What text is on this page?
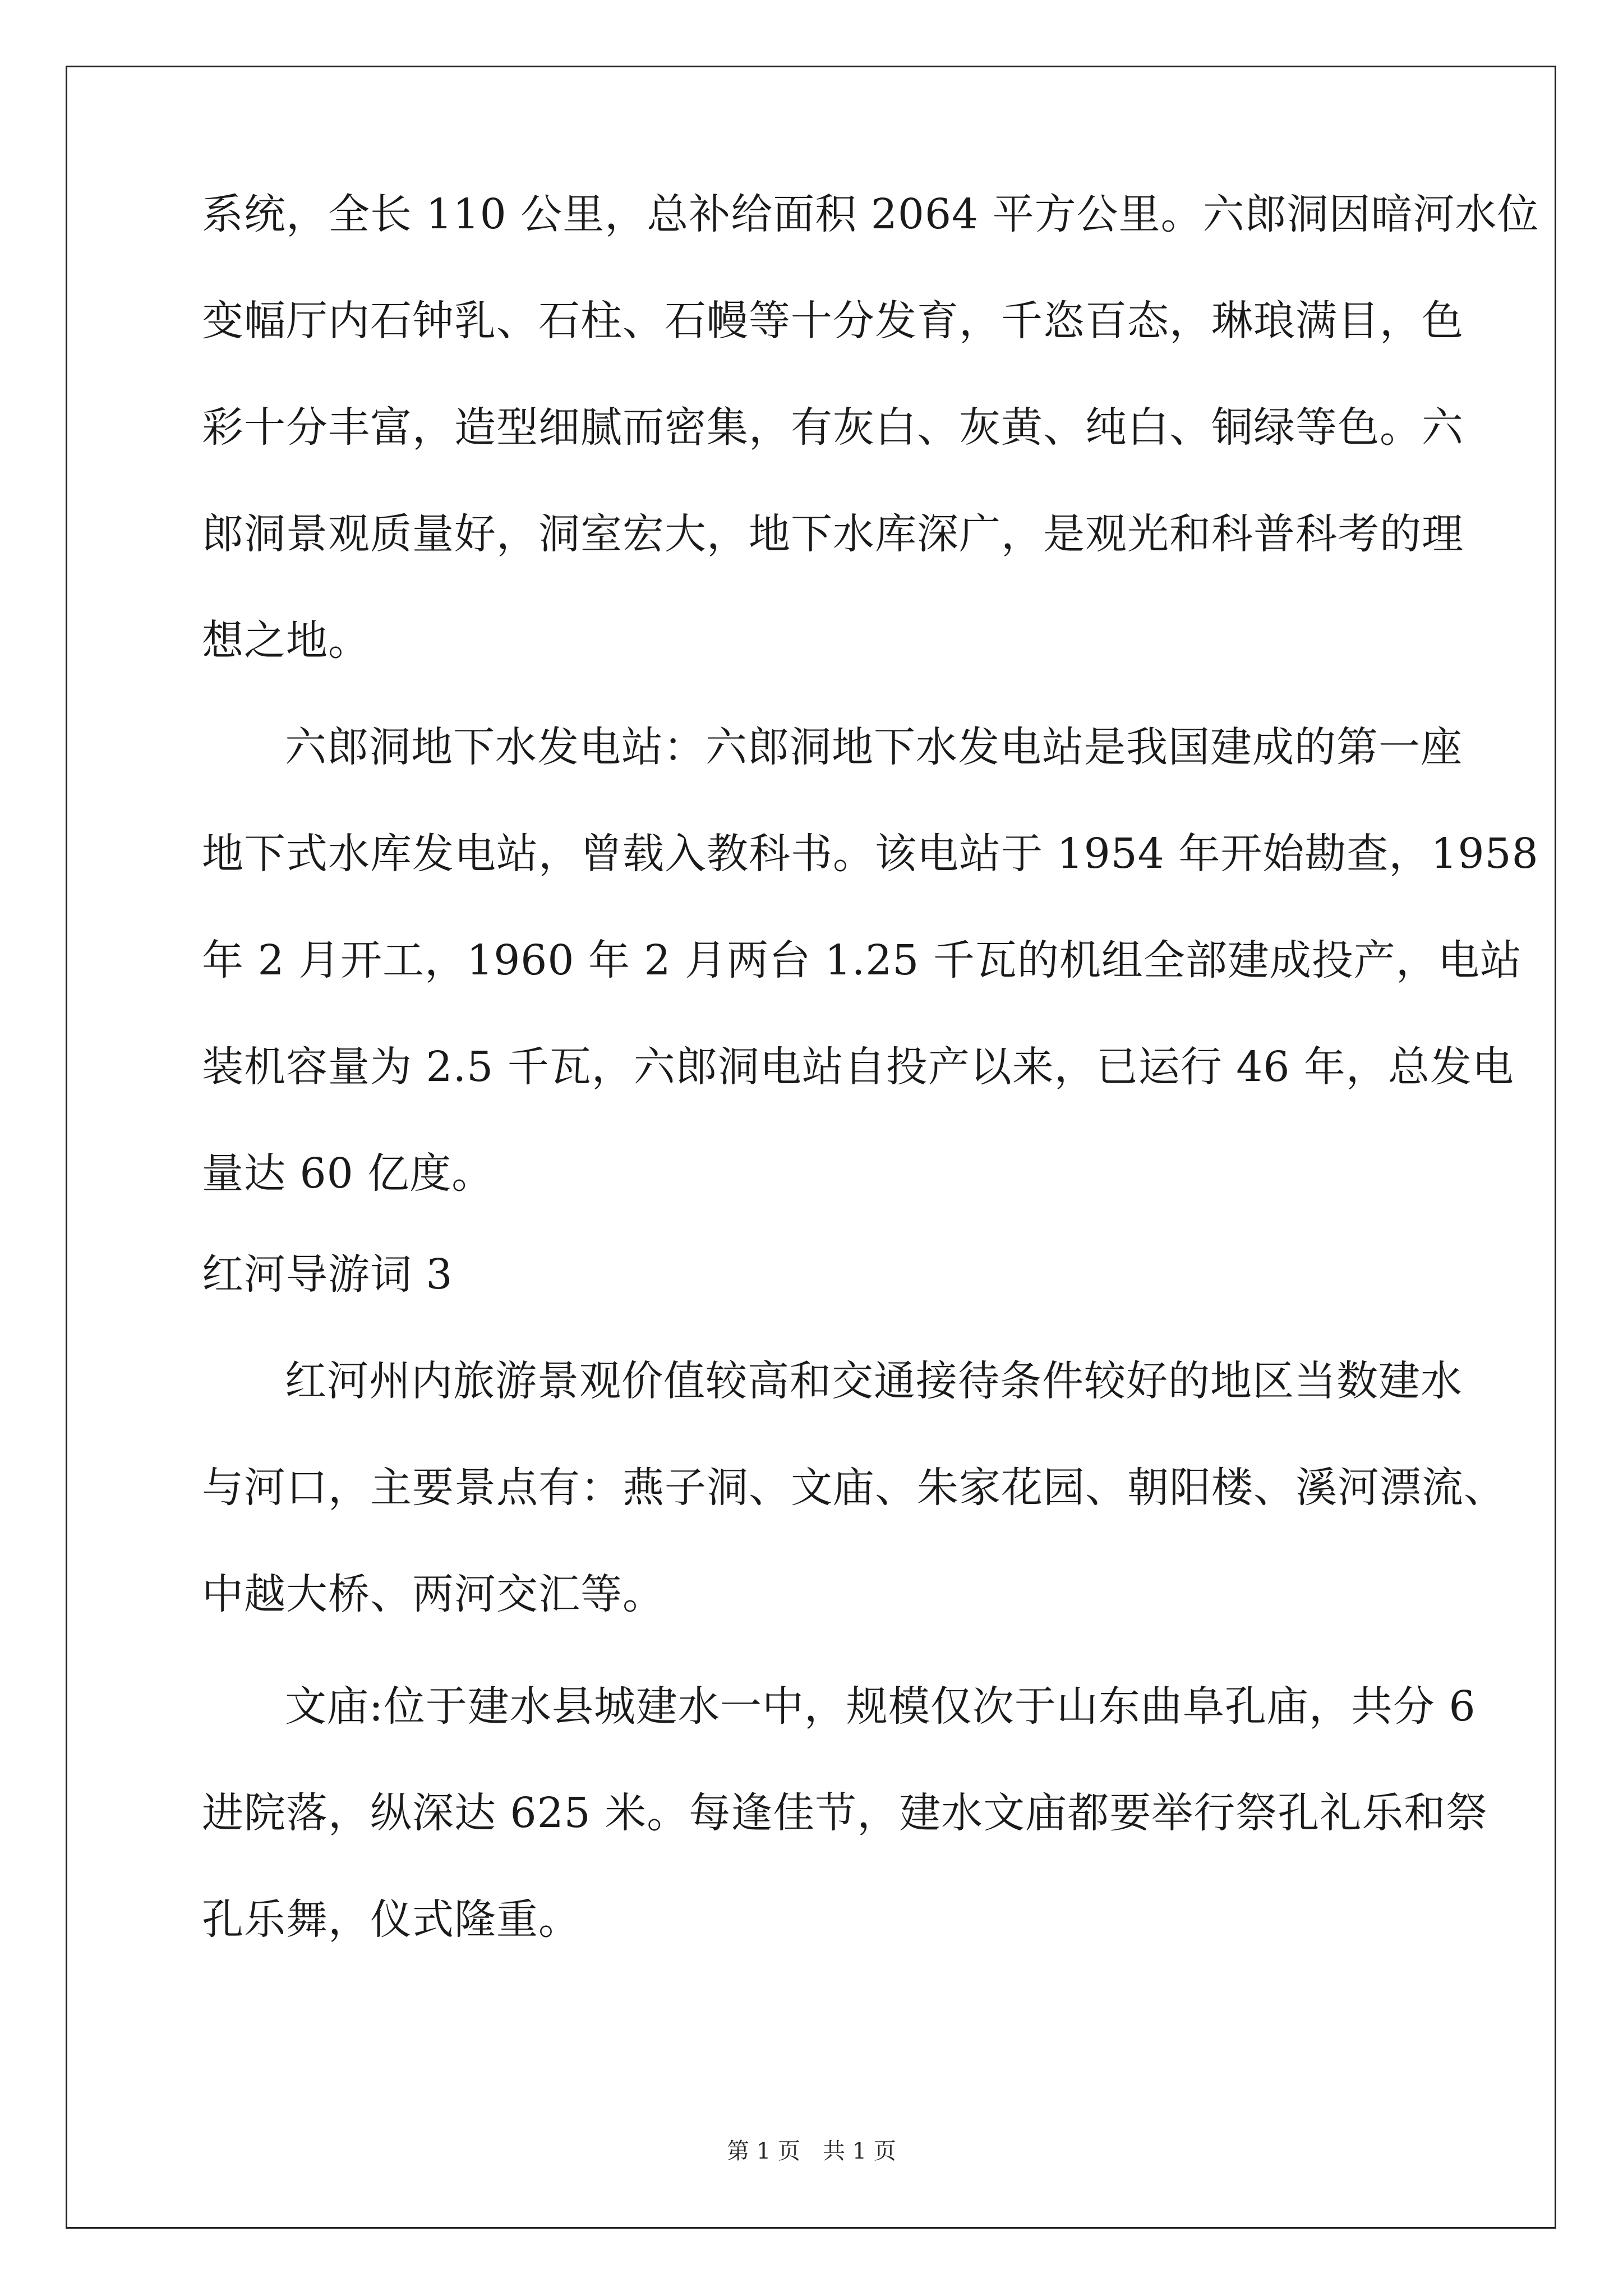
系统，全长 110 公里，总补给面积 2064 平方公里。六郎洞因暗河水位
变幅厅内石钟乳、石柱、石幔等十分发育，千恣百态，琳琅满目，色
彩十分丰富，造型细腻而密集，有灰白、灰黄、纯白、铜绿等色。六
郎洞景观质量好，洞室宏大，地下水库深广，是观光和科普科考的理
想之地。
六郎洞地下水发电站：六郎洞地下水发电站是我国建成的第一座
地下式水库发电站，曾载入教科书。该电站于 1954 年开始勘查，1958
年 2 月开工，1960 年 2 月两台 1.25 千瓦的机组全部建成投产，电站
装机容量为 2.5 千瓦，六郎洞电站自投产以来，已运行 46 年，总发电
量达 60 亿度。
红河导游词 3
红河州内旅游景观价值较高和交通接待条件较好的地区当数建水
与河口，主要景点有：燕子洞、文庙、朱家花园、朝阳楼、溪河漂流、
中越大桥、两河交汇等。
文庙:位于建水县城建水一中，规模仅次于山东曲阜孔庙，共分 6
进院落，纵深达 625 米。每逢佳节，建水文庙都要举行祭孔礼乐和祭
孔乐舞，仪式隆重。
第 1 页　共 1 页
